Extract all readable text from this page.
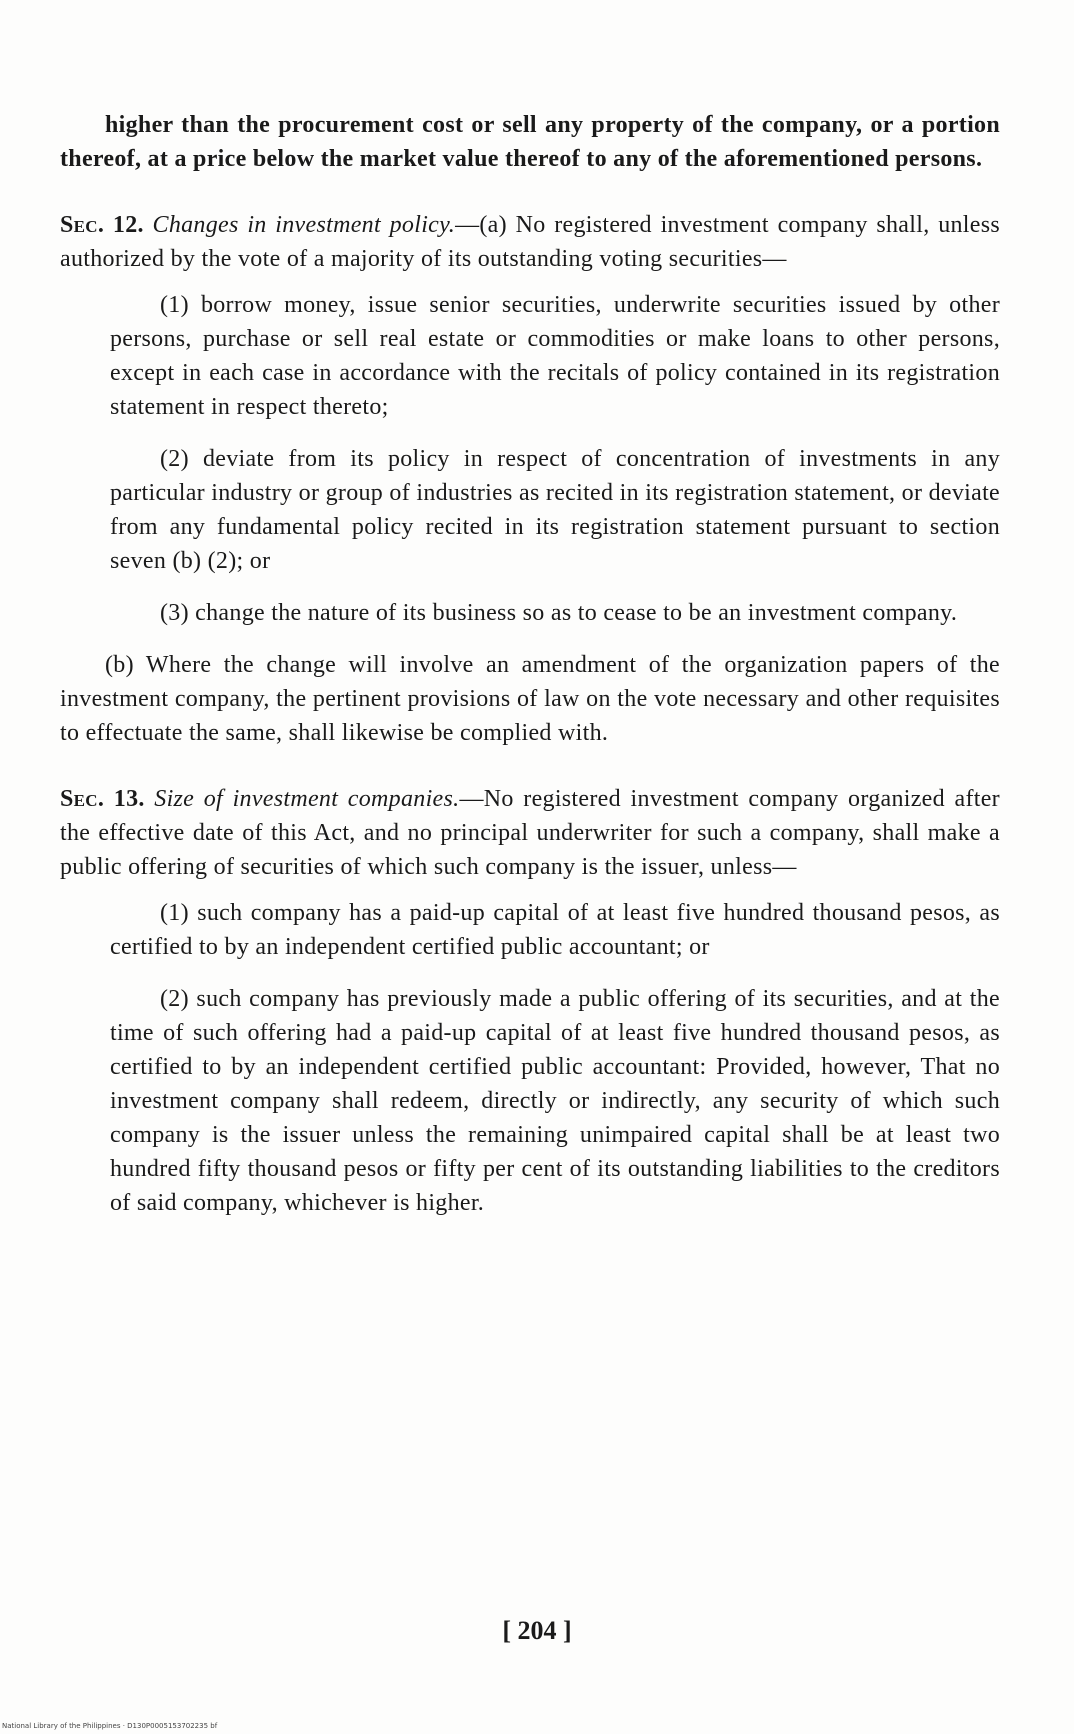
higher than the procurement cost or sell any property of the company, or a portion thereof, at a price below the market value thereof to any of the aforementioned persons.

Sec. 12. Changes in investment policy.—(a) No registered investment company shall, unless authorized by the vote of a majority of its outstanding voting securities—

(1) borrow money, issue senior securities, underwrite securities issued by other persons, purchase or sell real estate or commodities or make loans to other persons, except in each case in accordance with the recitals of policy contained in its registration statement in respect thereto;

(2) deviate from its policy in respect of concentration of investments in any particular industry or group of industries as recited in its registration statement, or deviate from any fundamental policy recited in its registration statement pursuant to section seven (b) (2); or

(3) change the nature of its business so as to cease to be an investment company.

(b) Where the change will involve an amendment of the organization papers of the investment company, the pertinent provisions of law on the vote necessary and other requisites to effectuate the same, shall likewise be complied with.

Sec. 13. Size of investment companies.—No registered investment company organized after the effective date of this Act, and no principal underwriter for such a company, shall make a public offering of securities of which such company is the issuer, unless—

(1) such company has a paid-up capital of at least five hundred thousand pesos, as certified to by an independent certified public accountant; or

(2) such company has previously made a public offering of its securities, and at the time of such offering had a paid-up capital of at least five hundred thousand pesos, as certified to by an independent certified public accountant: Provided, however, That no investment company shall redeem, directly or indirectly, any security of which such company is the issuer unless the remaining unimpaired capital shall be at least two hundred fifty thousand pesos or fifty per cent of its outstanding liabilities to the creditors of said company, whichever is higher.

[ 204 ]
National Library of the Philippines · D130P0005153702235 bf
